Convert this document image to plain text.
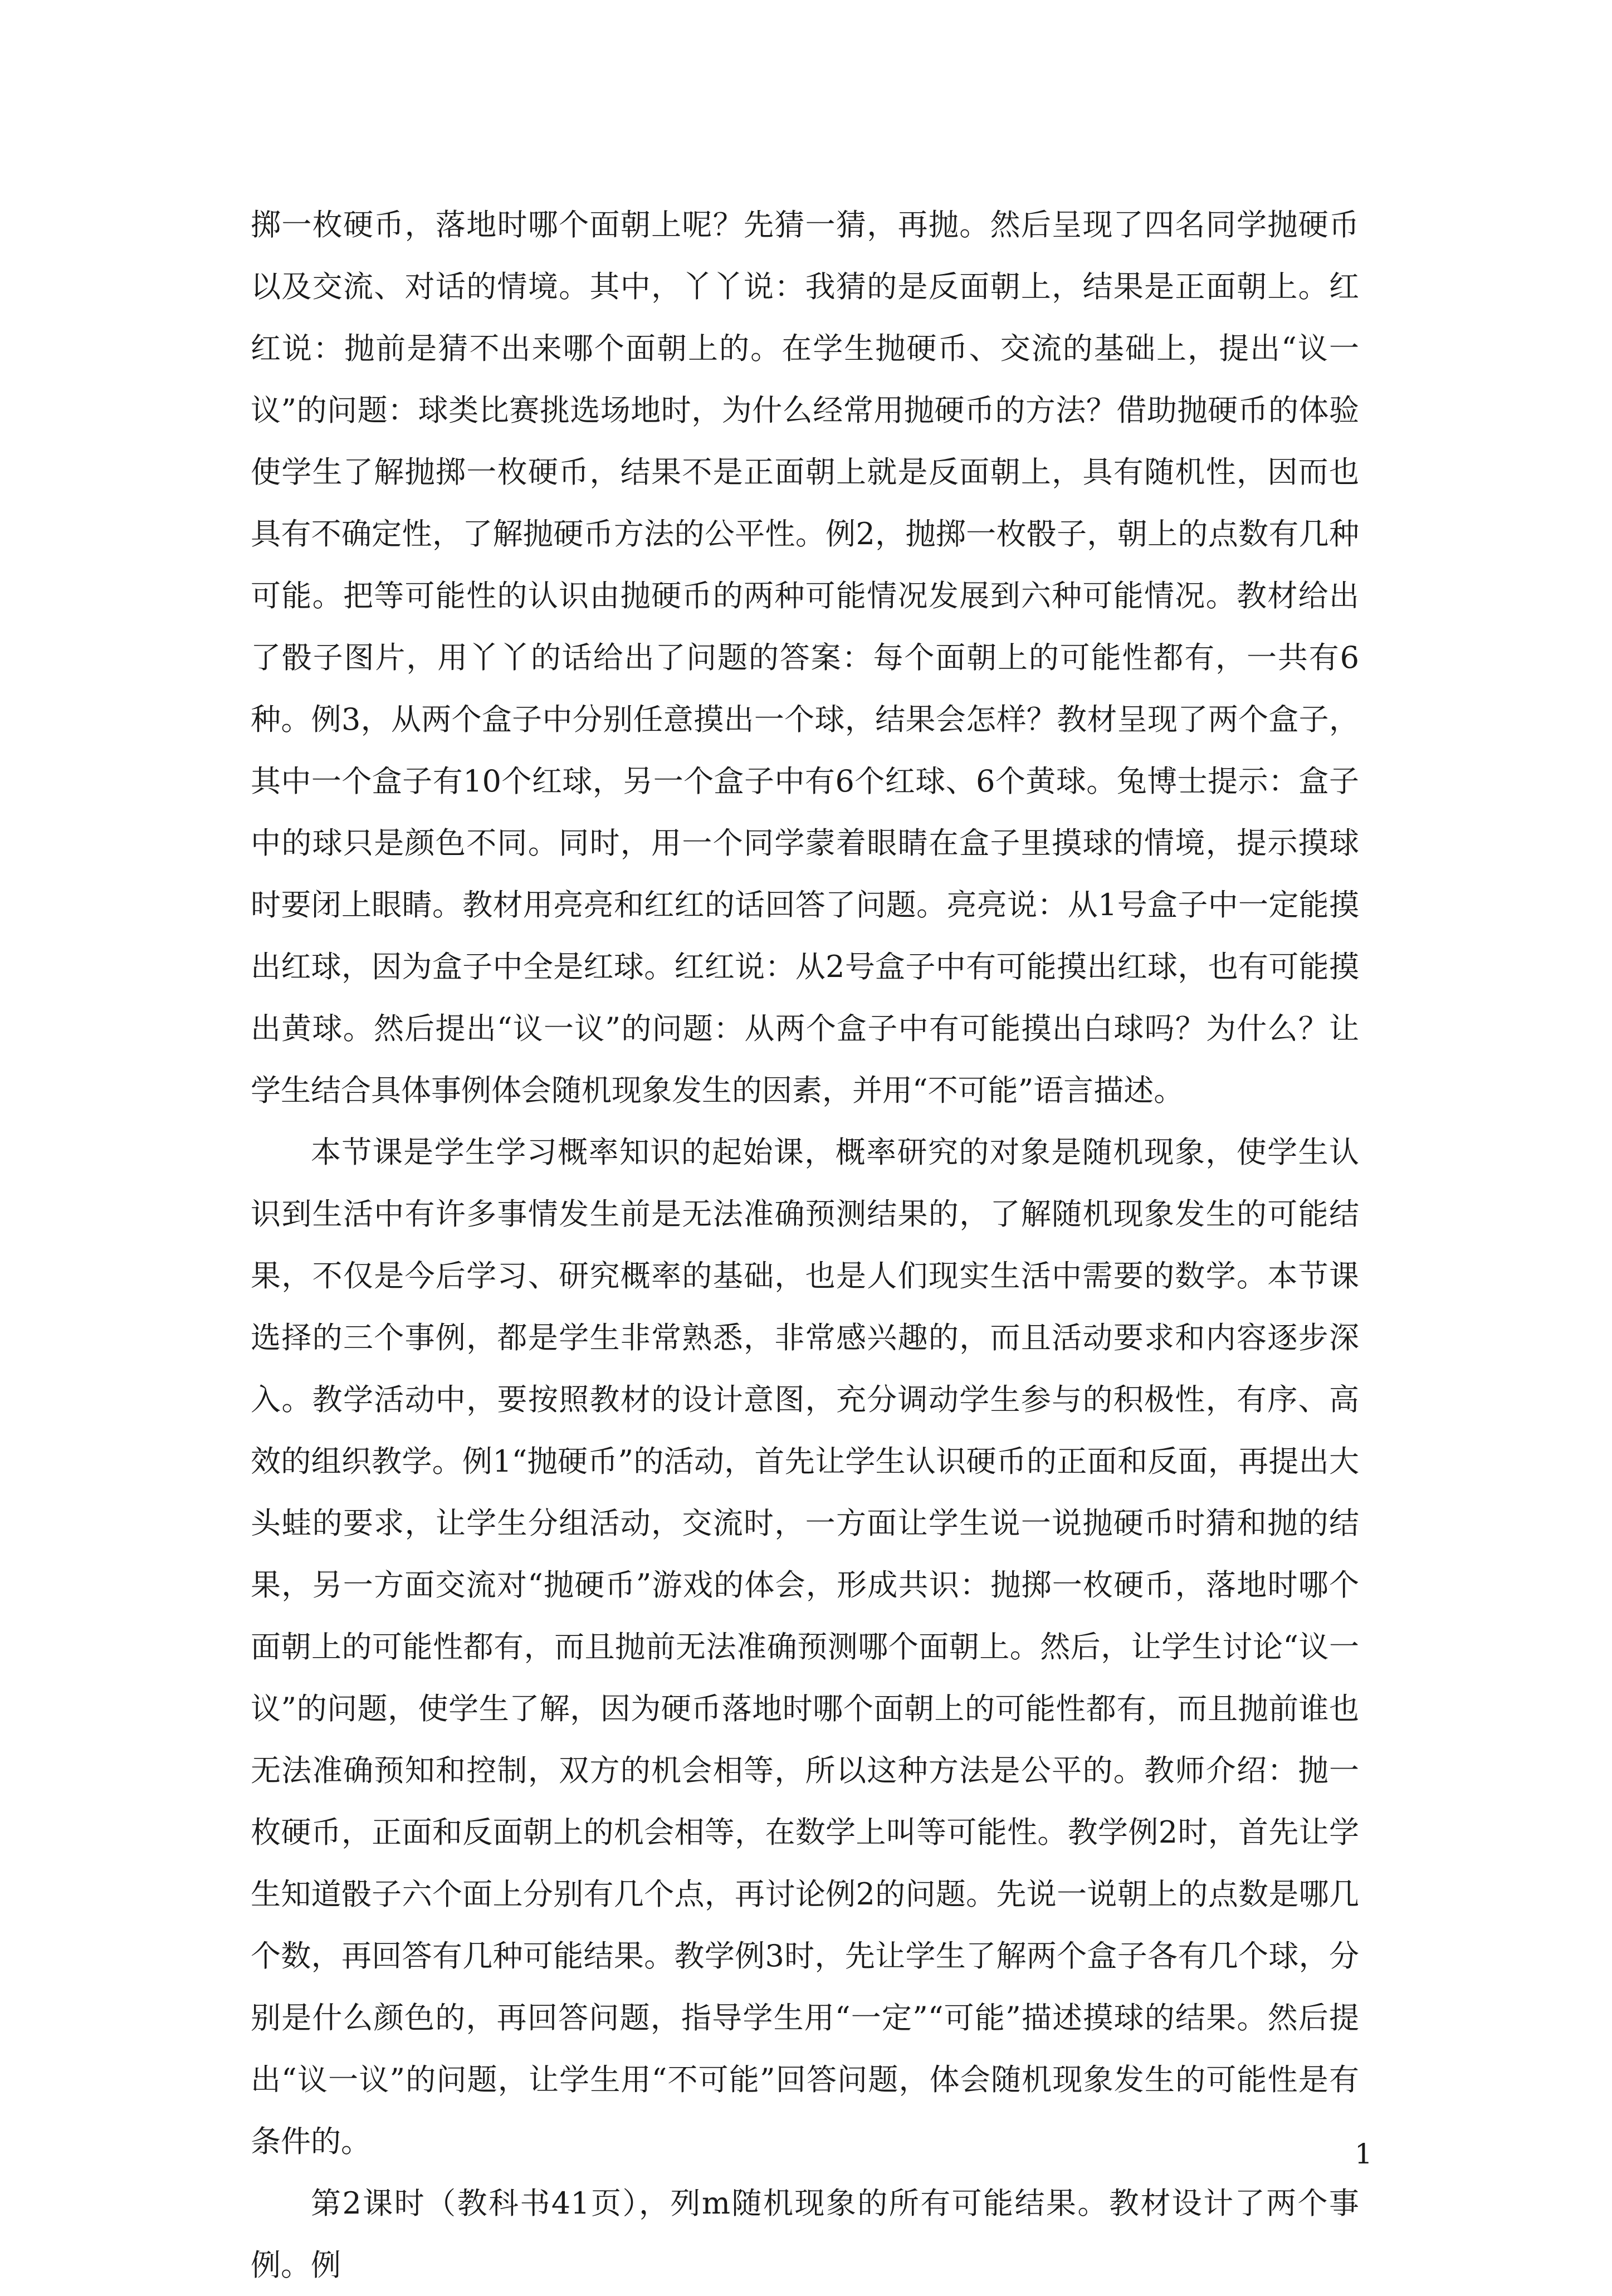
掷一枚硬币，落地时哪个面朝上呢？先猜一猜，再抛。然后呈现了四名同学抛硬币以及交流、对话的情境。其中，丫丫说：我猜的是反面朝上，结果是正面朝上。红红说：抛前是猜不出来哪个面朝上的。在学生抛硬币、交流的基础上，提出“议一议”的问题：球类比赛挑选场地时，为什么经常用抛硬币的方法？借助抛硬币的体验使学生了解抛掷一枚硬币，结果不是正面朝上就是反面朝上，具有随机性，因而也具有不确定性，了解抛硬币方法的公平性。例2，抛掷一枚骰子，朝上的点数有几种可能。把等可能性的认识由抛硬币的两种可能情况发展到六种可能情况。教材给出了骰子图片，用丫丫的话给出了问题的答案：每个面朝上的可能性都有，一共有6种。例3，从两个盒子中分别任意摸出一个球，结果会怎样？教材呈现了两个盒子，其中一个盒子有10个红球，另一个盒子中有6个红球、6个黄球。兔博士提示：盒子中的球只是颜色不同。同时，用一个同学蒙着眼睛在盒子里摸球的情境，提示摸球时要闭上眼睛。教材用亮亮和红红的话回答了问题。亮亮说：从1号盒子中一定能摸出红球，因为盒子中全是红球。红红说：从2号盒子中有可能摸出红球，也有可能摸出黄球。然后提出“议一议”的问题：从两个盒子中有可能摸出白球吗？为什么？让学生结合具体事例体会随机现象发生的因素，并用“不可能”语言描述。

本节课是学生学习概率知识的起始课，概率研究的对象是随机现象，使学生认识到生活中有许多事情发生前是无法准确预测结果的，了解随机现象发生的可能结果，不仅是今后学习、研究概率的基础，也是人们现实生活中需要的数学。本节课选择的三个事例，都是学生非常熟悉，非常感兴趣的，而且活动要求和内容逐步深入。教学活动中，要按照教材的设计意图，充分调动学生参与的积极性，有序、高效的组织教学。例1“抛硬币”的活动，首先让学生认识硬币的正面和反面，再提出大头蛙的要求，让学生分组活动，交流时，一方面让学生说一说抛硬币时猜和抛的结果，另一方面交流对“抛硬币”游戏的体会，形成共识：抛掷一枚硬币，落地时哪个面朝上的可能性都有，而且抛前无法准确预测哪个面朝上。然后，让学生讨论“议一议”的问题，使学生了解，因为硬币落地时哪个面朝上的可能性都有，而且抛前谁也无法准确预知和控制，双方的机会相等，所以这种方法是公平的。教师介绍：抛一枚硬币，正面和反面朝上的机会相等，在数学上叫等可能性。教学例2时，首先让学生知道骰子六个面上分别有几个点，再讨论例2的问题。先说一说朝上的点数是哪几个数，再回答有几种可能结果。教学例3时，先让学生了解两个盒子各有几个球，分别是什么颜色的，再回答问题，指导学生用“一定”“可能”描述摸球的结果。然后提出“议一议”的问题，让学生用“不可能”回答问题，体会随机现象发生的可能性是有条件的。

第2课时（教科书41页），列m随机现象的所有可能结果。教材设计了两个事例。例

1
